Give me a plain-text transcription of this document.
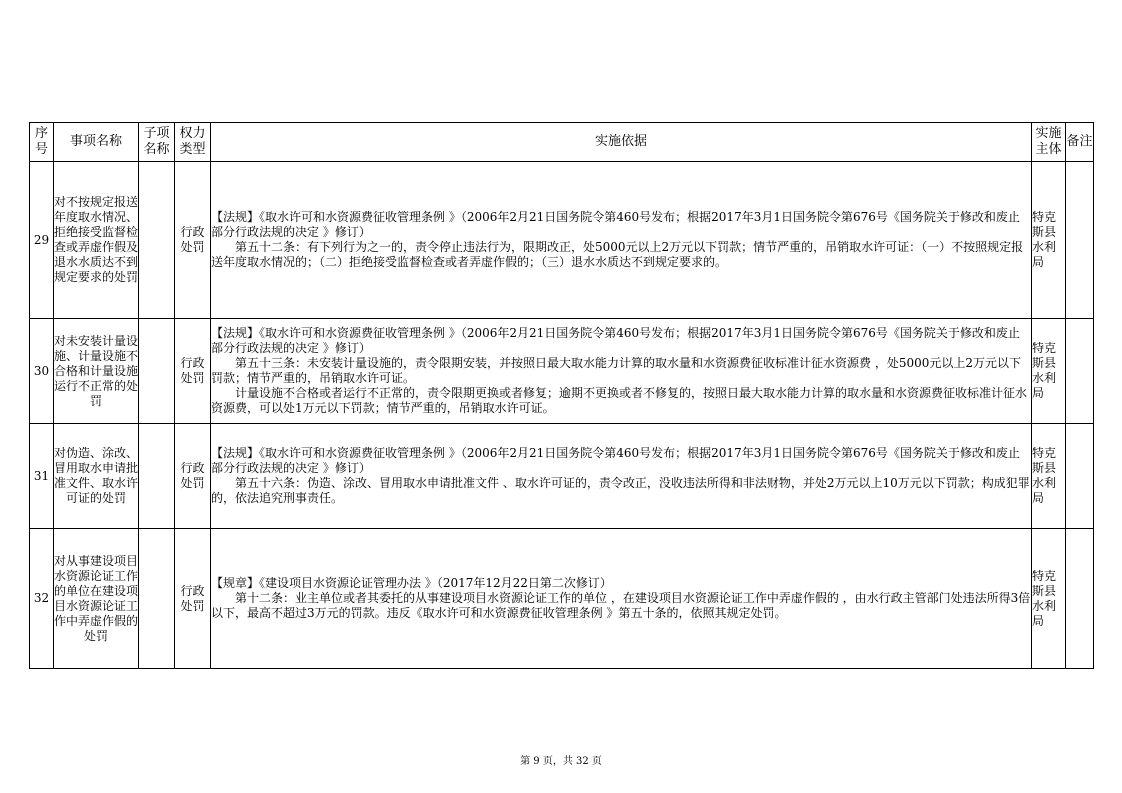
序号	事项名称	子项名称	权力类型	实施依据	实施主体	备注
29	对不按规定报送年度取水情况、拒绝接受监督检查或弄虚作假及退水水质达不到规定要求的处罚		行政处罚	【法规】《取水许可和水资源费征收管理条例 》（2006年2月21日国务院令第460号发布；根据2017年3月1日国务院令第676号《国务院关于修改和废止部分行政法规的决定 》修订）
第五十二条：有下列行为之一的，责令停止违法行为，限期改正，处5000元以上2万元以下罚款；情节严重的，吊销取水许可证：（一）不按照规定报送年度取水情况的；（二）拒绝接受监督检查或者弄虚作假的；（三）退水水质达不到规定要求的。	特克斯县水利局	
30	对未安装计量设施、计量设施不合格和计量设施运行不正常的处罚		行政处罚	【法规】《取水许可和水资源费征收管理条例 》（2006年2月21日国务院令第460号发布；根据2017年3月1日国务院令第676号《国务院关于修改和废止部分行政法规的决定 》修订）
第五十三条：未安装计量设施的，责令限期安装，并按照日最大取水能力计算的取水量和水资源费征收标准计征水资源费 ，处5000元以上2万元以下罚款；情节严重的，吊销取水许可证。
计量设施不合格或者运行不正常的，责令限期更换或者修复；逾期不更换或者不修复的，按照日最大取水能力计算的取水量和水资源费征收标准计征水资源费，可以处1万元以下罚款；情节严重的，吊销取水许可证。	特克斯县水利局	
31	对伪造、涂改、冒用取水申请批准文件、取水许可证的处罚		行政处罚	【法规】《取水许可和水资源费征收管理条例 》（2006年2月21日国务院令第460号发布；根据2017年3月1日国务院令第676号《国务院关于修改和废止部分行政法规的决定 》修订）
第五十六条：伪造、涂改、冒用取水申请批准文件 、取水许可证的，责令改正，没收违法所得和非法财物，并处2万元以上10万元以下罚款；构成犯罪的，依法追究刑事责任。	特克斯县水利局	
32	对从事建设项目水资源论证工作的单位在建设项目水资源论证工作中弄虚作假的处罚		行政处罚	【规章】《建设项目水资源论证管理办法 》（2017年12月22日第二次修订）
第十二条：业主单位或者其委托的从事建设项目水资源论证工作的单位 ，在建设项目水资源论证工作中弄虚作假的 ，由水行政主管部门处违法所得3倍以下，最高不超过3万元的罚款。违反《取水许可和水资源费征收管理条例 》第五十条的，依照其规定处罚。	特克斯县水利局	
第 9 页，共 32 页
